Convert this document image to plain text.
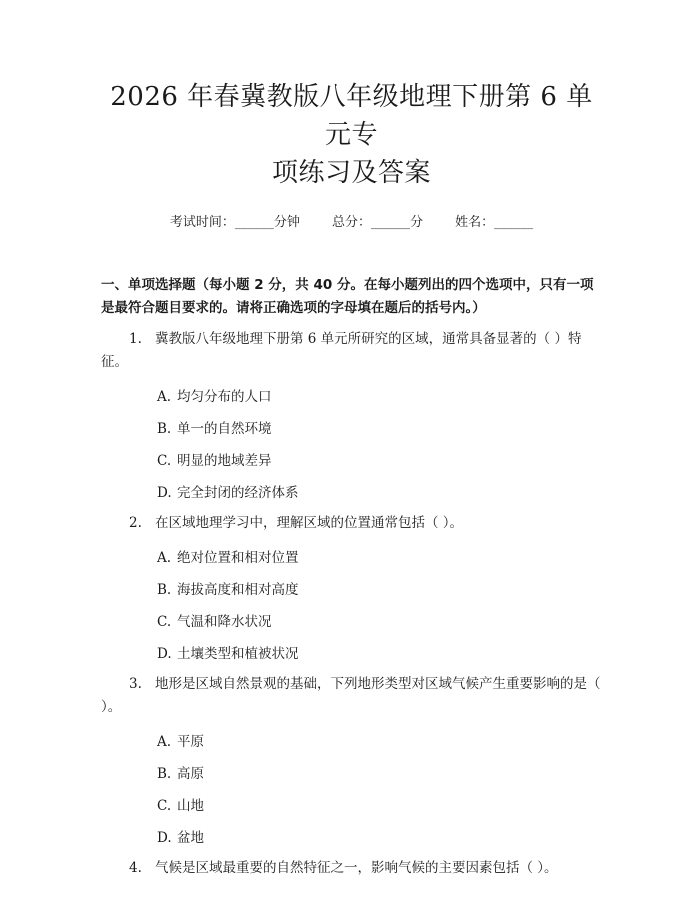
2026 年春冀教版八年级地理下册第 6 单元专
项练习及答案
考试时间：______分钟 总分：______分 姓名：______
一、单项选择题（每小题 2 分，共 40 分。在每小题列出的四个选项中，只有一项是最符合题目要求的。请将正确选项的字母填在题后的括号内。）
1. 冀教版八年级地理下册第 6 单元所研究的区域，通常具备显著的（ ）特征。
A. 均匀分布的人口
B. 单一的自然环境
C. 明显的地域差异
D. 完全封闭的经济体系
2. 在区域地理学习中，理解区域的位置通常包括（ ）。
A. 绝对位置和相对位置
B. 海拔高度和相对高度
C. 气温和降水状况
D. 土壤类型和植被状况
3. 地形是区域自然景观的基础，下列地形类型对区域气候产生重要影响的是（ ）。
A. 平原
B. 高原
C. 山地
D. 盆地
4. 气候是区域最重要的自然特征之一，影响气候的主要因素包括（ ）。
